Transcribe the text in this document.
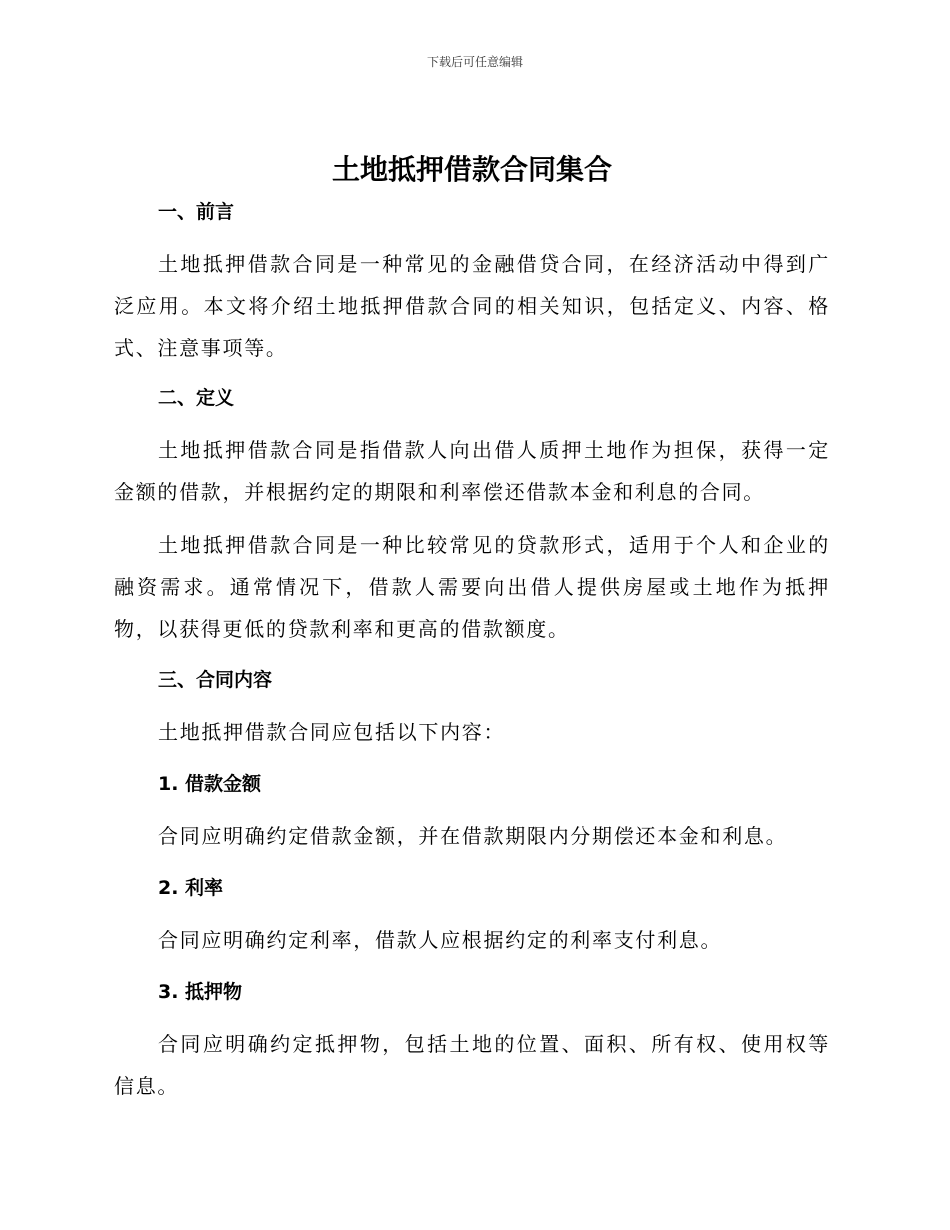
下载后可任意编辑
土地抵押借款合同集合
一、前言

土地抵押借款合同是一种常见的金融借贷合同，在经济活动中得到广泛应用。本文将介绍土地抵押借款合同的相关知识，包括定义、内容、格式、注意事项等。

二、定义

土地抵押借款合同是指借款人向出借人质押土地作为担保，获得一定金额的借款，并根据约定的期限和利率偿还借款本金和利息的合同。

土地抵押借款合同是一种比较常见的贷款形式，适用于个人和企业的融资需求。通常情况下，借款人需要向出借人提供房屋或土地作为抵押物，以获得更低的贷款利率和更高的借款额度。

三、合同内容

土地抵押借款合同应包括以下内容：

1. 借款金额

合同应明确约定借款金额，并在借款期限内分期偿还本金和利息。

2. 利率

合同应明确约定利率，借款人应根据约定的利率支付利息。

3. 抵押物

合同应明确约定抵押物，包括土地的位置、面积、所有权、使用权等信息。
